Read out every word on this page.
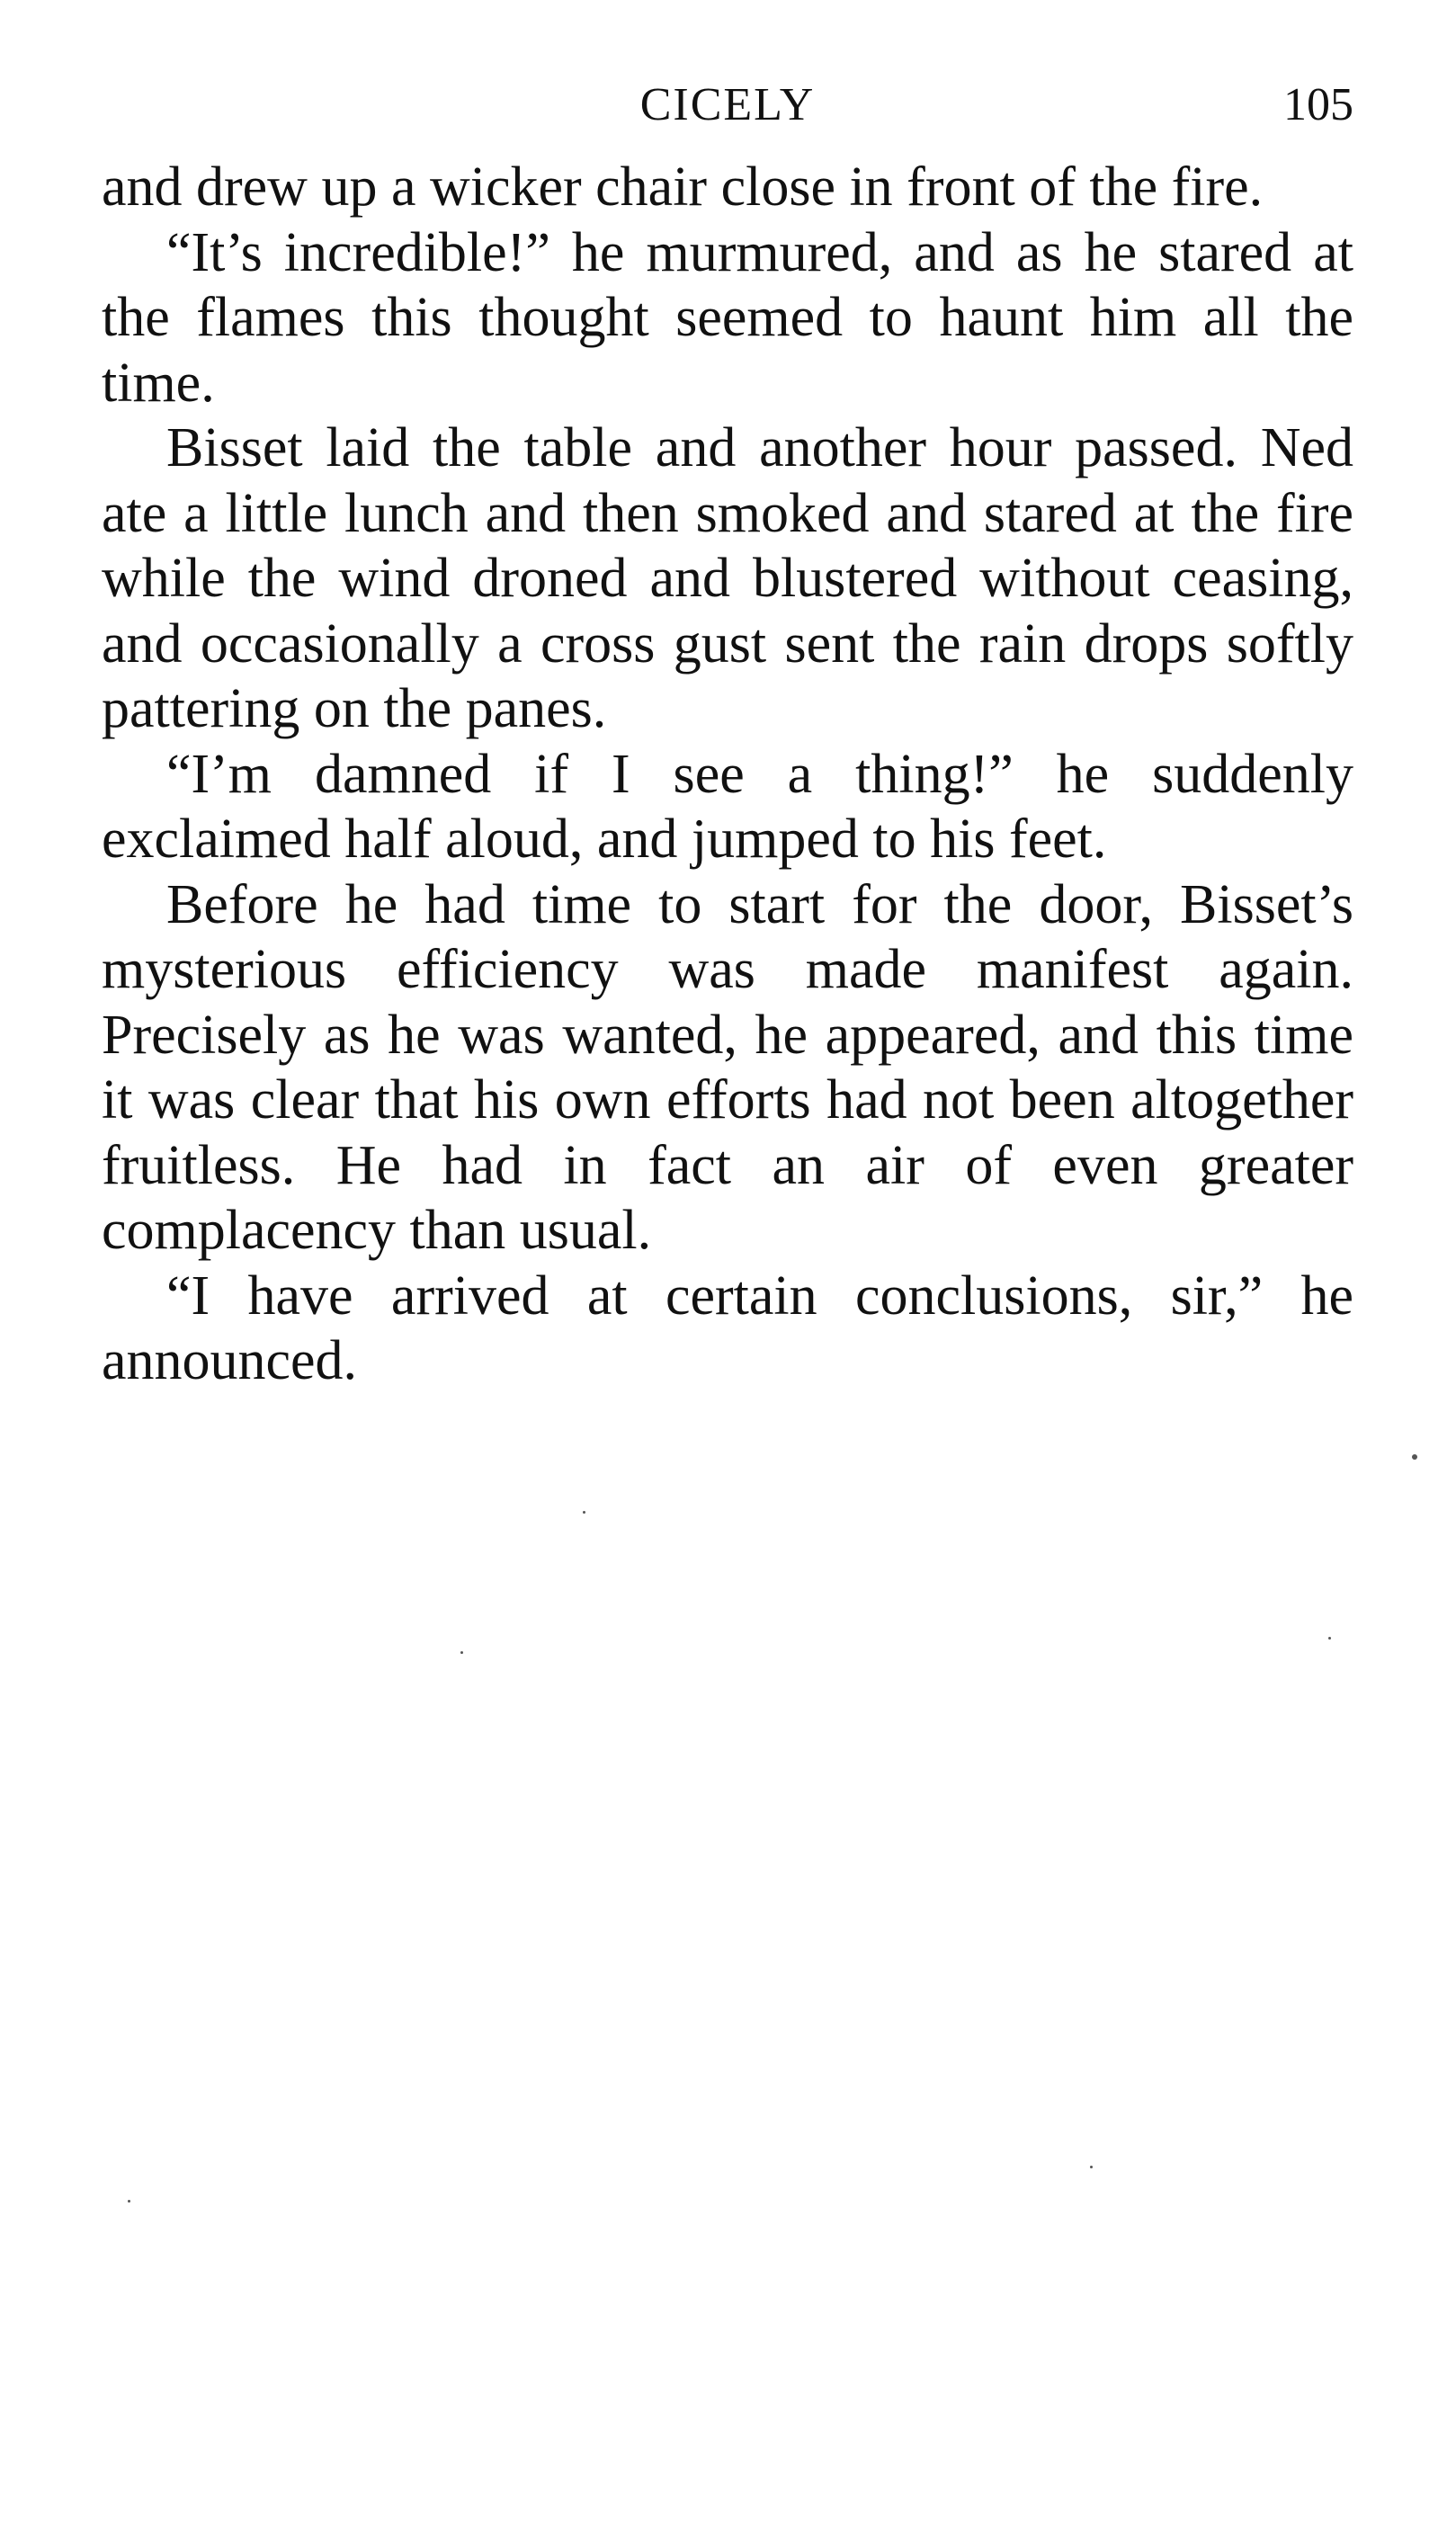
CICELY	105

and drew up a wicker chair close in front of the fire.

“It’s incredible!” he murmured, and as he stared at the flames this thought seemed to haunt him all the time.

Bisset laid the table and another hour passed. Ned ate a little lunch and then smoked and stared at the fire while the wind droned and blustered without ceasing, and occasionally a cross gust sent the rain drops softly pattering on the panes.

“I’m damned if I see a thing!” he suddenly exclaimed half aloud, and jumped to his feet.

Before he had time to start for the door, Bisset’s mysterious efficiency was made manifest again. Precisely as he was wanted, he appeared, and this time it was clear that his own efforts had not been altogether fruitless. He had in fact an air of even greater complacency than usual.

“I have arrived at certain conclusions, sir,” he announced.
